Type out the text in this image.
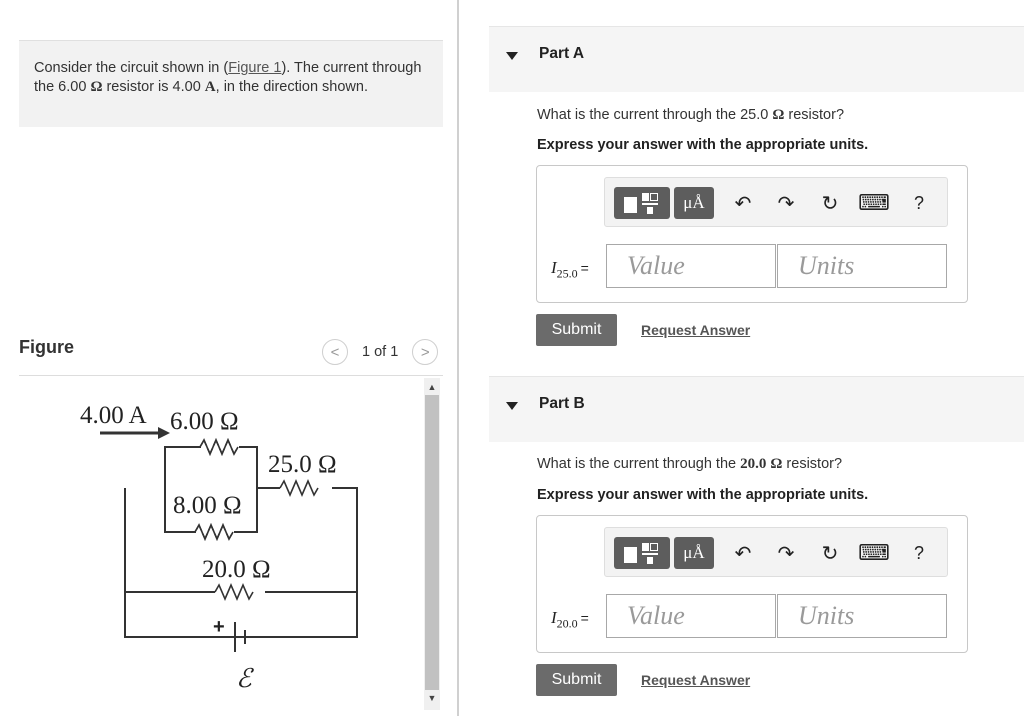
Consider the circuit shown in (Figure 1). The current through the 6.00 Ω resistor is 4.00 A, in the direction shown.
Figure	< 1 of 1 >
4.00 A 6.00 Ω
25.0 Ω
8.00 Ω
20.0 Ω
+
ℰ
▲
▼
Part A
What is the current through the 25.0 Ω resistor?
Express your answer with the appropriate units.
μÅ	↶ ↷ ↻ ⌨	?
$I_{25.0}$ =	Value	Units
Submit	Request Answer
Part B
What is the current through the 20.0 Ω resistor?
Express your answer with the appropriate units.
μÅ	↶ ↷ ↻ ⌨	?
$I_{20.0}$ =	Value	Units
Submit	Request Answer
